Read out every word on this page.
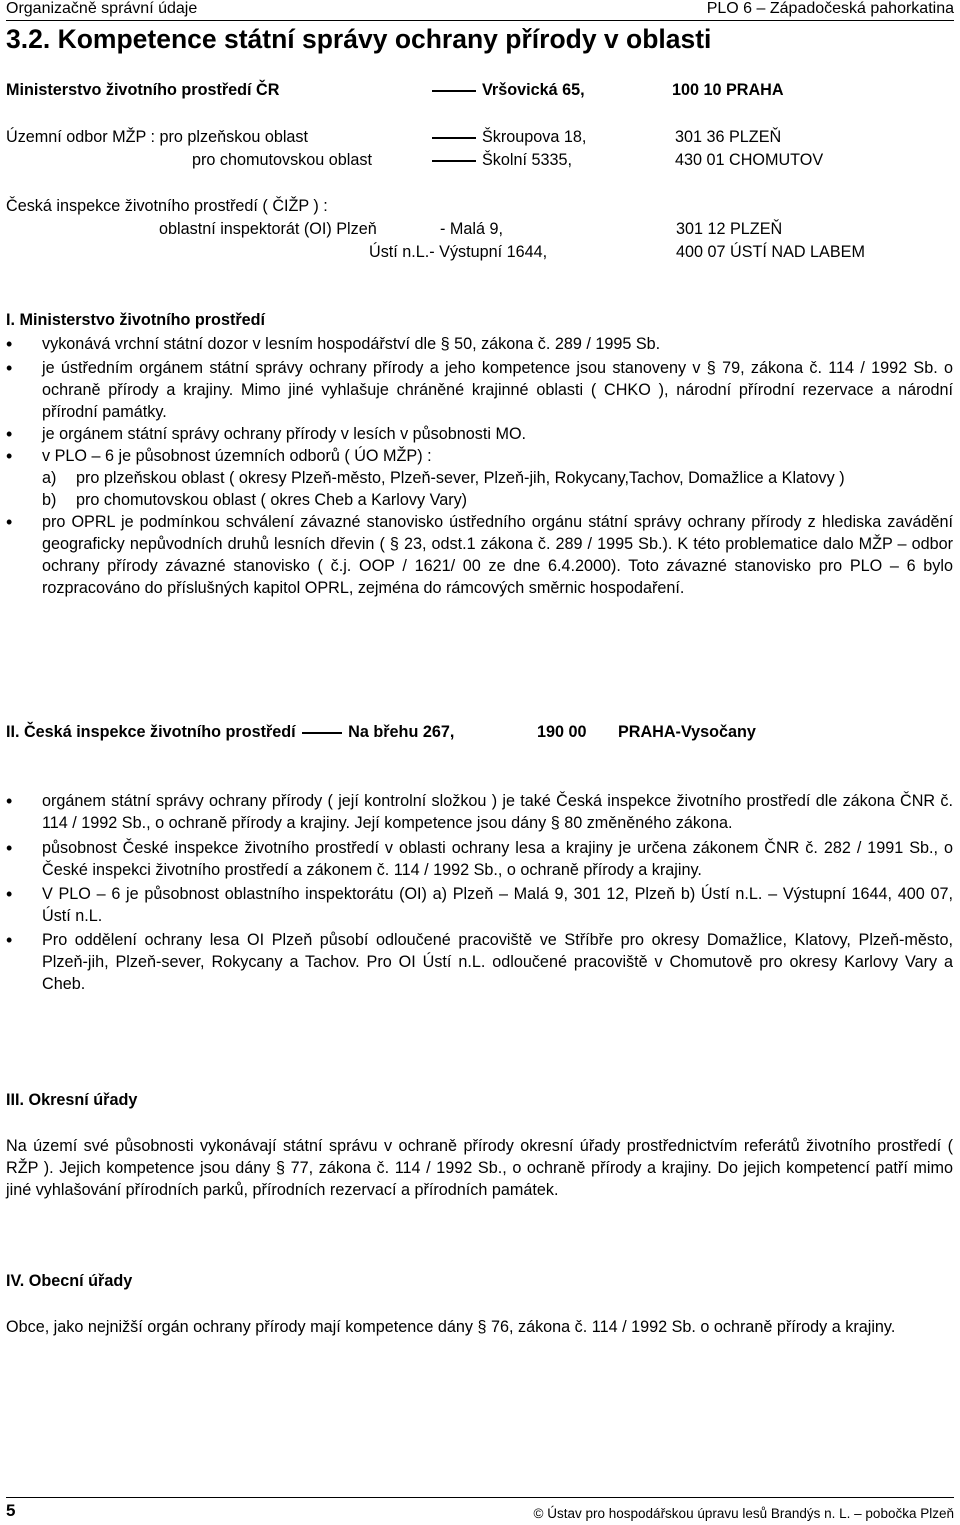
Organizačně správní údaje	PLO 6 – Západočeská pahorkatina
3.2. Kompetence státní správy ochrany přírody v oblasti
Ministerstvo životního prostředí ČR	Vršovická 65,	100 10 PRAHA
Územní odbor MŽP : pro plzeňskou oblast	Škroupova 18,	301 36 PLZEŇ
pro chomutovskou oblast	Školní 5335,	430 01 CHOMUTOV
Česká inspekce životního prostředí ( ČIŽP ) :
oblastní inspektorát (OI) Plzeň	- Malá 9,	301 12 PLZEŇ
Ústí n.L.- Výstupní 1644,	400 07 ÚSTÍ NAD LABEM
I. Ministerstvo životního prostředí
• vykonává vrchní státní dozor v lesním hospodářství dle § 50, zákona č. 289 / 1995 Sb.
• je ústředním orgánem státní správy ochrany přírody a jeho kompetence jsou stanoveny v § 79, zákona č. 114 / 1992 Sb. o ochraně přírody a krajiny. Mimo jiné vyhlašuje chráněné krajinné oblasti ( CHKO ), národní přírodní rezervace a národní přírodní památky.
• je orgánem státní správy ochrany přírody v lesích v působnosti MO.
• v PLO – 6 je působnost územních odborů ( ÚO MŽP) :
a)	pro plzeňskou oblast ( okresy Plzeň-město, Plzeň-sever, Plzeň-jih, Rokycany,Tachov, Domažlice a Klatovy )
b)	pro chomutovskou oblast ( okres Cheb a Karlovy Vary)
• pro OPRL je podmínkou schválení závazné stanovisko ústředního orgánu státní správy ochrany přírody z hlediska zavádění geograficky nepůvodních druhů lesních dřevin ( § 23, odst.1 zákona č. 289 / 1995 Sb.). K této problematice dalo MŽP – odbor ochrany přírody závazné stanovisko ( č.j. OOP / 1621/ 00 ze dne 6.4.2000). Toto závazné stanovisko pro PLO – 6 bylo rozpracováno do příslušných kapitol OPRL, zejména do rámcových směrnic hospodaření.
II. Česká inspekce životního prostředí	Na břehu 267,	190 00 PRAHA-Vysočany
• orgánem státní správy ochrany přírody ( její kontrolní složkou ) je také Česká inspekce životního prostředí dle zákona ČNR č. 114 / 1992 Sb., o ochraně přírody a krajiny. Její kompetence jsou dány § 80 změněného zákona.
• působnost České inspekce životního prostředí v oblasti ochrany lesa a krajiny je určena zákonem ČNR č. 282 / 1991 Sb., o České inspekci životního prostředí a zákonem č. 114 / 1992 Sb., o ochraně přírody a krajiny.
• V PLO – 6 je působnost oblastního inspektorátu (OI) a) Plzeň – Malá 9, 301 12, Plzeň b) Ústí n.L. – Výstupní 1644, 400 07, Ústí n.L.
• Pro oddělení ochrany lesa OI Plzeň působí odloučené pracoviště ve Stříbře pro okresy Domažlice, Klatovy, Plzeň-město, Plzeň-jih, Plzeň-sever, Rokycany a Tachov. Pro OI Ústí n.L. odloučené pracoviště v Chomutově pro okresy Karlovy Vary a Cheb.
III. Okresní úřady
Na území své působnosti vykonávají státní správu v ochraně přírody okresní úřady prostřednictvím referátů životního prostředí ( RŽP ). Jejich kompetence jsou dány § 77, zákona č. 114 / 1992 Sb., o ochraně přírody a krajiny. Do jejich kompetencí patří mimo jiné vyhlašování přírodních parků, přírodních rezervací a přírodních památek.
IV. Obecní úřady
Obce, jako nejnižší orgán ochrany přírody mají kompetence dány § 76, zákona č. 114 / 1992 Sb. o ochraně přírody a krajiny.
5	© Ústav pro hospodářskou úpravu lesů Brandýs n. L. – pobočka Plzeň
